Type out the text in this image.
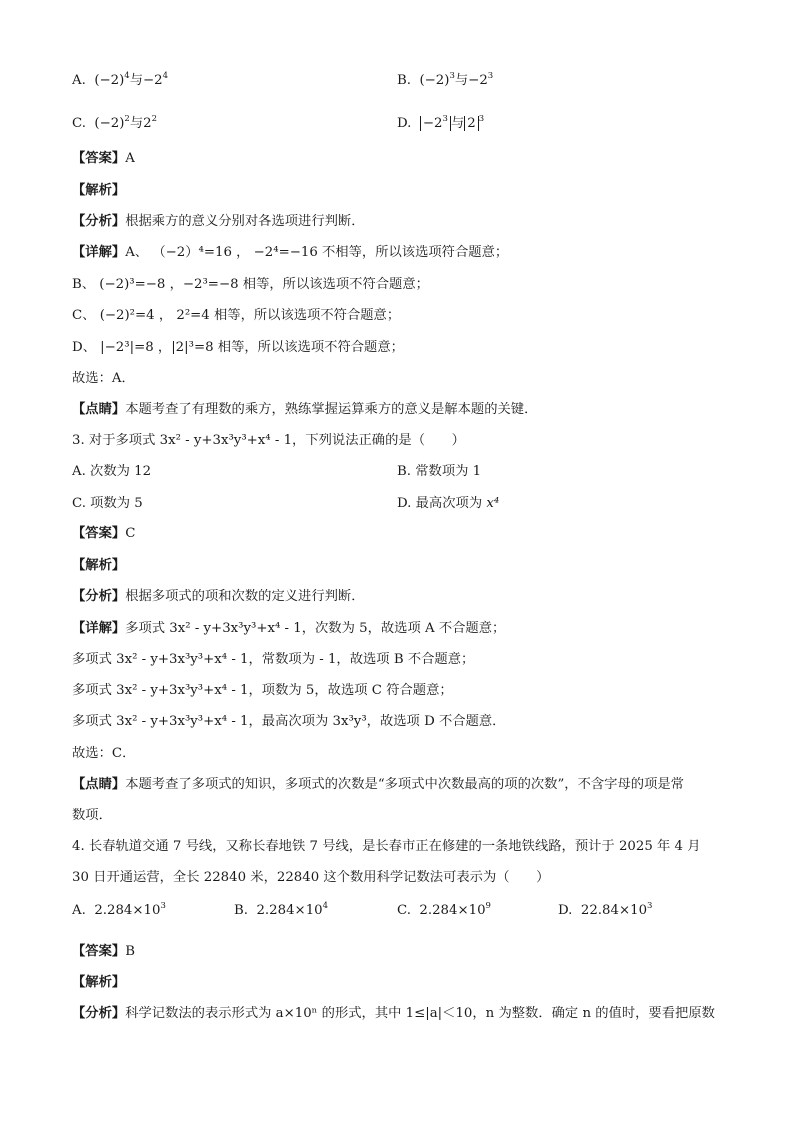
A. $(-2)^4$与$-2^4$	B. $(-2)^3$与$-2^3$
C. $(-2)^2$与$2^2$	D. $-2^3$ 与 2 $^3$
【答案】A
【解析】
【分析】根据乘方的意义分别对各选项进行判断．
【详解】A、 （−2）⁴=16 ， −2⁴=−16 不相等，所以该选项符合题意；
B、 (−2)³=−8 ，−2³=−8 相等，所以该选项不符合题意；
C、 (−2)²=4 ， 2²=4 相等，所以该选项不符合题意；
D、 |−2³|=8 ，|2|³=8 相等，所以该选项不符合题意；
故选：A．
【点睛】本题考查了有理数的乘方，熟练掌握运算乘方的意义是解本题的关键．
3. 对于多项式 3x² - y+3x³y³+x⁴ - 1，下列说法正确的是（　　）
A. 次数为 12	B. 常数项为 1
C. 项数为 5	D. 最高次项为 x⁴
【答案】C
【解析】
【分析】根据多项式的项和次数的定义进行判断．
【详解】多项式 3x² - y+3x³y³+x⁴ - 1，次数为 5，故选项 A 不合题意；
多项式 3x² - y+3x³y³+x⁴ - 1，常数项为 - 1，故选项 B 不合题意；
多项式 3x² - y+3x³y³+x⁴ - 1，项数为 5，故选项 C 符合题意；
多项式 3x² - y+3x³y³+x⁴ - 1，最高次项为 3x³y³，故选项 D 不合题意．
故选：C．
【点睛】本题考查了多项式的知识，多项式的次数是“多项式中次数最高的项的次数”，不含字母的项是常
数项．
4. 长春轨道交通 7 号线，又称长春地铁 7 号线，是长春市正在修建的一条地铁线路，预计于 2025 年 4 月
30 日开通运营，全长 22840 米，22840 这个数用科学记数法可表示为（　　）
A. $2.284\times 10^3$	B. $2.284\times 10^4$	C. $2.284\times 10^9$	D. $22.84\times 10^3$
【答案】B
【解析】
【分析】科学记数法的表示形式为 a×10ⁿ 的形式，其中 1≤|a|＜10，n 为整数．确定 n 的值时，要看把原数
